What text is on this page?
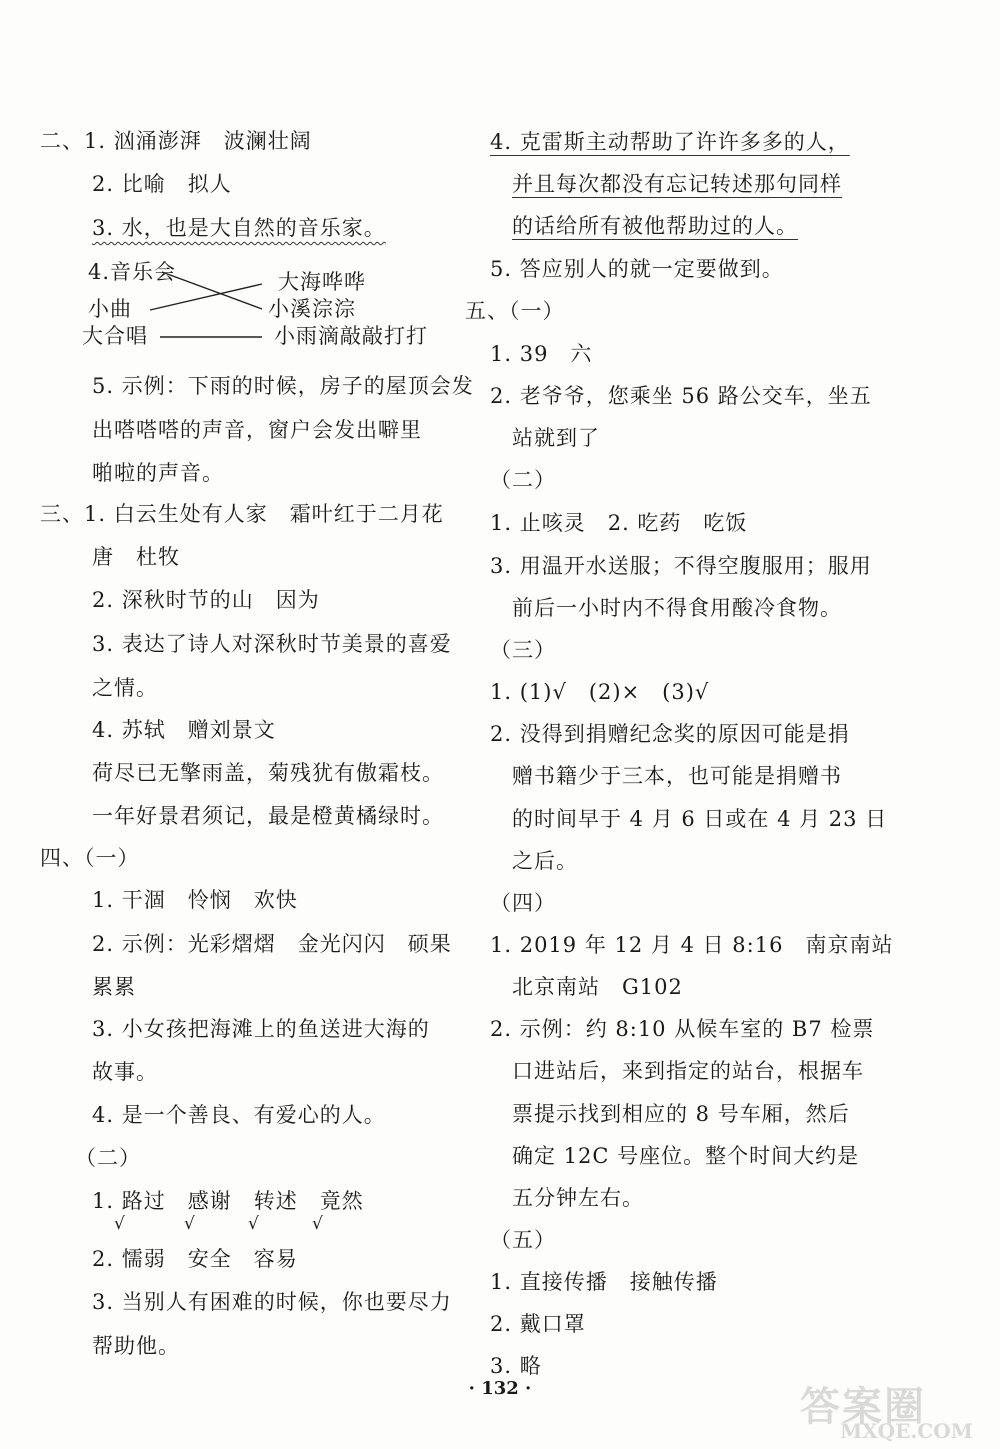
二、1. 汹涌澎湃　波澜壮阔
2. 比喻　拟人
3. 水，也是大自然的音乐家。
5. 示例：下雨的时候，房子的屋顶会发
出嗒嗒嗒的声音，窗户会发出噼里
啪啦的声音。
三、1. 白云生处有人家　霜叶红于二月花
唐　杜牧
2. 深秋时节的山　因为
3. 表达了诗人对深秋时节美景的喜爱
之情。
4. 苏轼　赠刘景文
荷尽已无擎雨盖，菊残犹有傲霜枝。
一年好景君须记，最是橙黄橘绿时。
四、（一）
1. 干涸　怜悯　欢快
2. 示例：光彩熠熠　金光闪闪　硕果
累累
3. 小女孩把海滩上的鱼送进大海的
故事。
4. 是一个善良、有爱心的人。
（二）
1. 路过　感谢　转述　竟然
2. 懦弱　安全　容易
3. 当别人有困难的时候，你也要尽力
帮助他。
4.音乐会
小曲
大合唱
大海哗哗
小溪淙淙
小雨滴敲敲打打
√	√	√	√
4. 克雷斯主动帮助了许许多多的人，
并且每次都没有忘记转述那句同样
的话给所有被他帮助过的人。
5. 答应别人的就一定要做到。
五、（一）
1. 39　六
2. 老爷爷，您乘坐 56 路公交车，坐五
站就到了
（二）
1. 止咳灵　2. 吃药　吃饭
3. 用温开水送服；不得空腹服用；服用
前后一小时内不得食用酸冷食物。
（三）
1. (1)√　(2)×　(3)√
2. 没得到捐赠纪念奖的原因可能是捐
赠书籍少于三本，也可能是捐赠书
的时间早于 4 月 6 日或在 4 月 23 日
之后。
（四）
1. 2019 年 12 月 4 日 8:16　南京南站
北京南站　G102
2. 示例：约 8:10 从候车室的 B7 检票
口进站后，来到指定的站台，根据车
票提示找到相应的 8 号车厢，然后
确定 12C 号座位。整个时间大约是
五分钟左右。
（五）
1. 直接传播　接触传播
2. 戴口罩
3. 略
· 132 ·	答案圈
MXQE.COM
